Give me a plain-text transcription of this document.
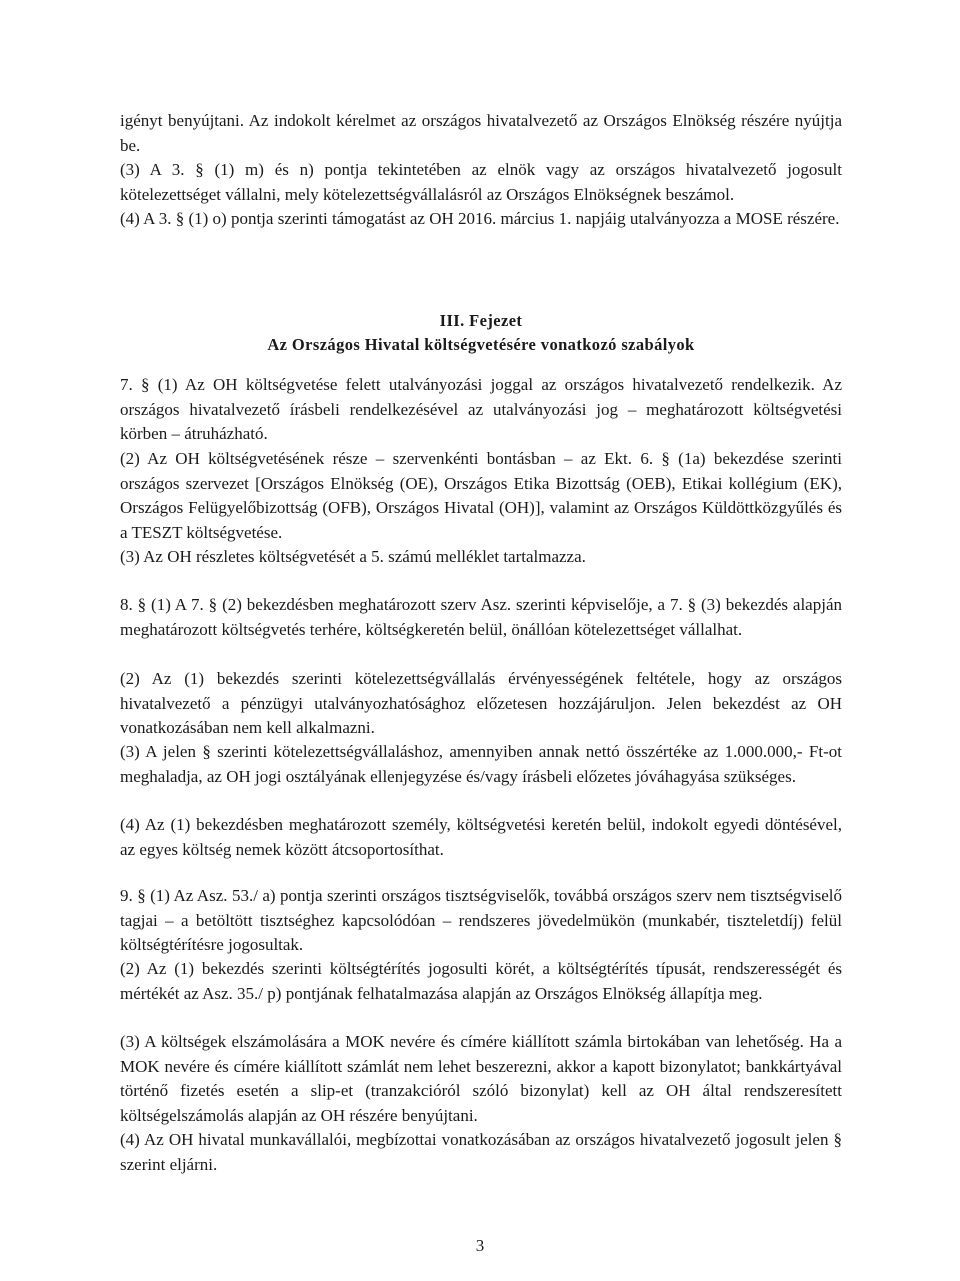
igényt benyújtani. Az indokolt kérelmet az országos hivatalvezető az Országos Elnökség részére nyújtja be.

(3) A 3. § (1) m) és n) pontja tekintetében az elnök vagy az országos hivatalvezető jogosult kötelezettséget vállalni, mely kötelezettségvállalásról az Országos Elnökségnek beszámol.

(4) A 3. § (1) o) pontja szerinti támogatást az OH 2016. március 1. napjáig utalványozza a MOSE részére.

III. Fejezet
Az Országos Hivatal költségvetésére vonatkozó szabályok

7. § (1) Az OH költségvetése felett utalványozási joggal az országos hivatalvezető rendelkezik. Az országos hivatalvezető írásbeli rendelkezésével az utalványozási jog – meghatározott költségvetési körben – átruházható.

(2) Az OH költségvetésének része – szervenkénti bontásban – az Ekt. 6. § (1a) bekezdése szerinti országos szervezet [Országos Elnökség (OE), Országos Etika Bizottság (OEB), Etikai kollégium (EK), Országos Felügyelőbizottság (OFB), Országos Hivatal (OH)], valamint az Országos Küldöttközgyűlés és a TESZT költségvetése.

(3) Az OH részletes költségvetését a 5. számú melléklet tartalmazza.

8. § (1) A 7. § (2) bekezdésben meghatározott szerv Asz. szerinti képviselője, a 7. § (3) bekezdés alapján meghatározott költségvetés terhére, költségkeretén belül, önállóan kötelezettséget vállalhat.

(2) Az (1) bekezdés szerinti kötelezettségvállalás érvényességének feltétele, hogy az országos hivatalvezető a pénzügyi utalványozhatósághoz előzetesen hozzájáruljon. Jelen bekezdést az OH vonatkozásában nem kell alkalmazni.

(3) A jelen § szerinti kötelezettségvállaláshoz, amennyiben annak nettó összértéke az 1.000.000,- Ft-ot meghaladja, az OH jogi osztályának ellenjegyzése és/vagy írásbeli előzetes jóváhagyása szükséges.

(4) Az (1) bekezdésben meghatározott személy, költségvetési keretén belül, indokolt egyedi döntésével, az egyes költség nemek között átcsoportosíthat.

9. § (1) Az Asz. 53./ a) pontja szerinti országos tisztségviselők, továbbá országos szerv nem tisztségviselő tagjai – a betöltött tisztséghez kapcsolódóan – rendszeres jövedelmükön (munkabér, tiszteletdíj) felül költségtérítésre jogosultak.

(2) Az (1) bekezdés szerinti költségtérítés jogosulti körét, a költségtérítés típusát, rendszerességét és mértékét az Asz. 35./ p) pontjának felhatalmazása alapján az Országos Elnökség állapítja meg.

(3) A költségek elszámolására a MOK nevére és címére kiállított számla birtokában van lehetőség. Ha a MOK nevére és címére kiállított számlát nem lehet beszerezni, akkor a kapott bizonylatot; bankkártyával történő fizetés esetén a slip-et (tranzakcióról szóló bizonylat) kell az OH által rendszeresített költségelszámolás alapján az OH részére benyújtani.

(4) Az OH hivatal munkavállalói, megbízottai vonatkozásában az országos hivatalvezető jogosult jelen § szerint eljárni.

3
